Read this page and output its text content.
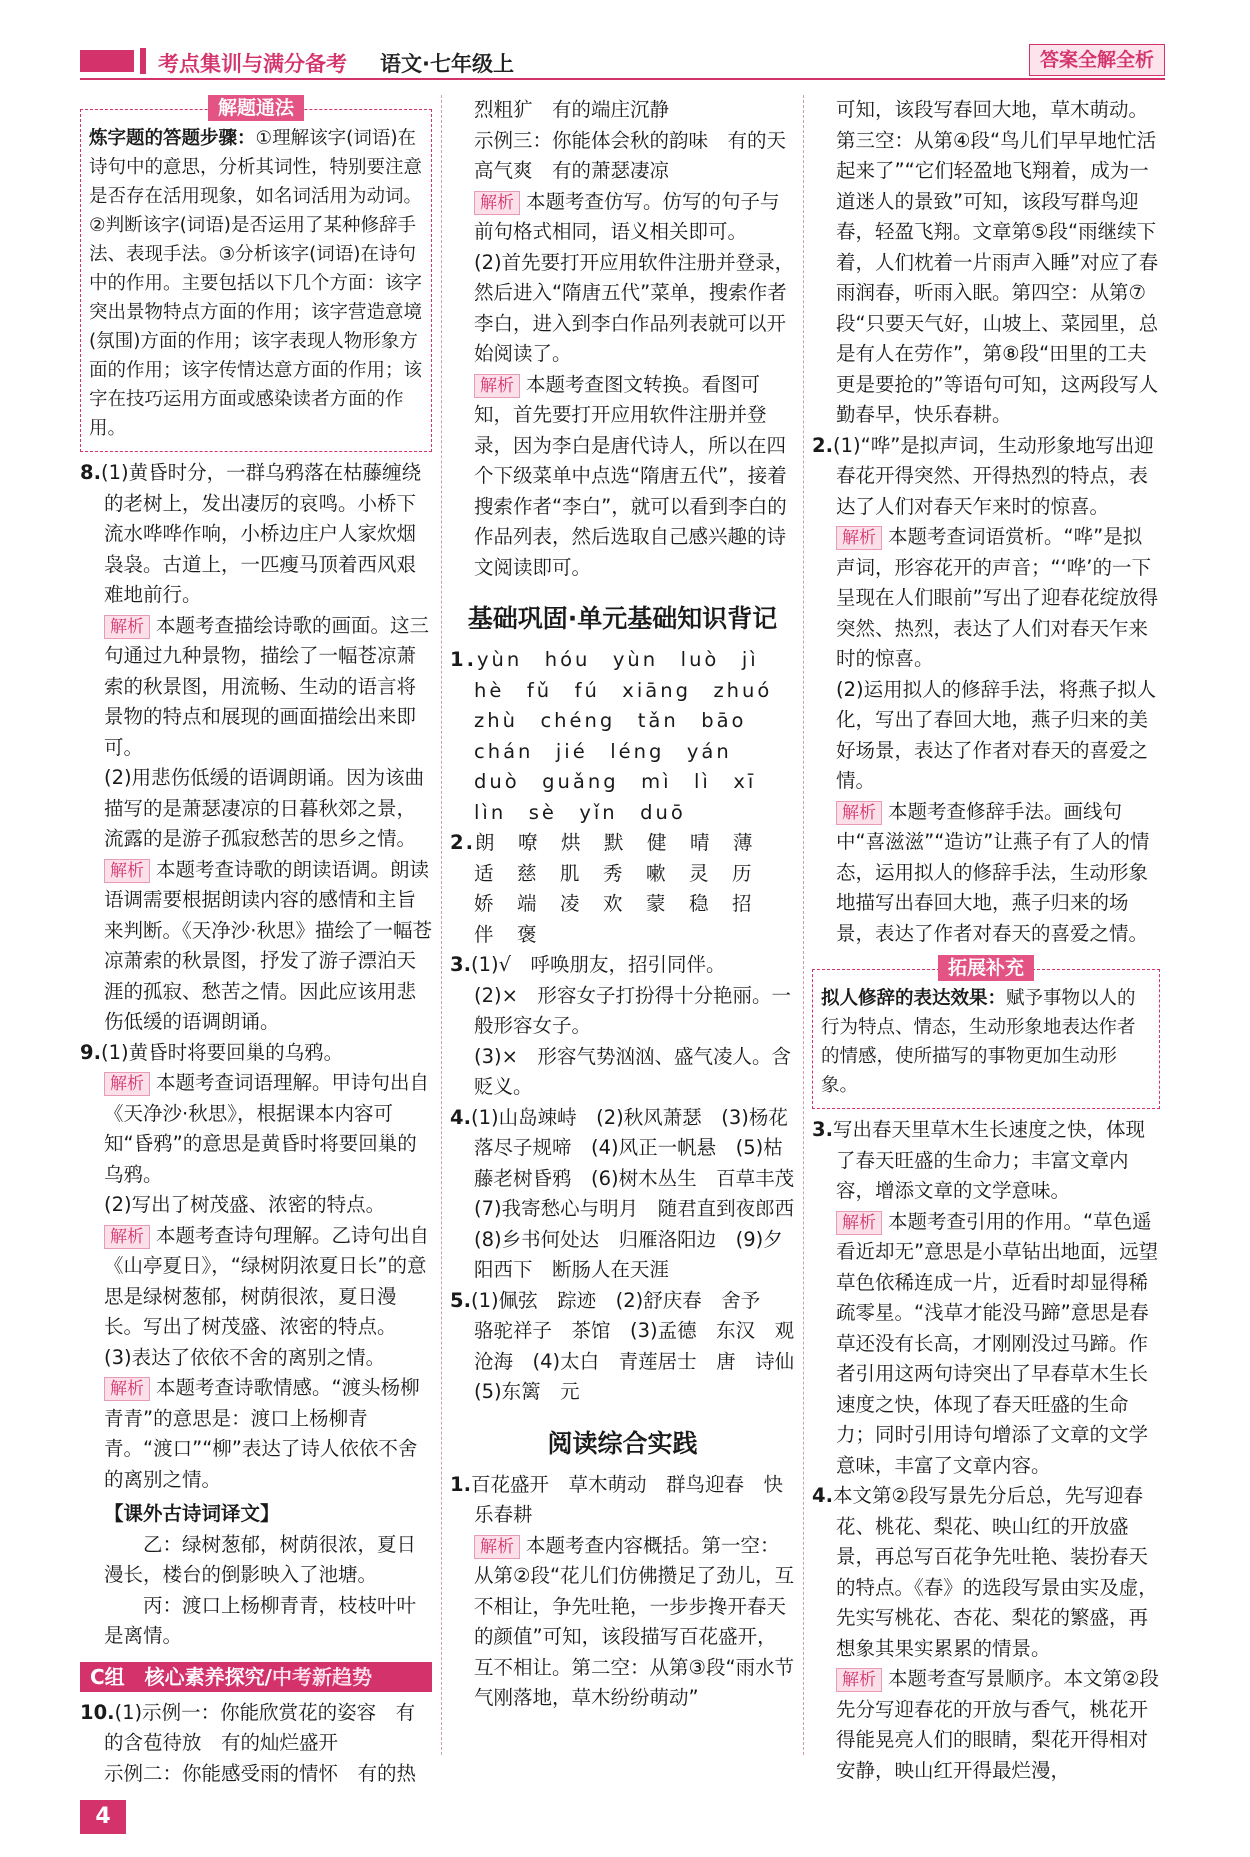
考点集训与满分备考 语文·七年级上	答案全解全析
解题通法

炼字题的答题步骤：①理解该字(词语)在诗句中的意思，分析其词性，特别要注意是否存在活用现象，如名词活用为动词。②判断该字(词语)是否运用了某种修辞手法、表现手法。③分析该字(词语)在诗句中的作用。主要包括以下几个方面：该字突出景物特点方面的作用；该字营造意境(氛围)方面的作用；该字表现人物形象方面的作用；该字传情达意方面的作用；该字在技巧运用方面或感染读者方面的作用。

8.(1)黄昏时分，一群乌鸦落在枯藤缠绕的老树上，发出凄厉的哀鸣。小桥下流水哗哗作响，小桥边庄户人家炊烟袅袅。古道上，一匹瘦马顶着西风艰难地前行。

解析 本题考查描绘诗歌的画面。这三句通过九种景物，描绘了一幅苍凉萧索的秋景图，用流畅、生动的语言将景物的特点和展现的画面描绘出来即可。

(2)用悲伤低缓的语调朗诵。因为该曲描写的是萧瑟凄凉的日暮秋郊之景，流露的是游子孤寂愁苦的思乡之情。

解析 本题考查诗歌的朗读语调。朗读语调需要根据朗读内容的感情和主旨来判断。《天净沙·秋思》描绘了一幅苍凉萧索的秋景图，抒发了游子漂泊天涯的孤寂、愁苦之情。因此应该用悲伤低缓的语调朗诵。

9.(1)黄昏时将要回巢的乌鸦。

解析 本题考查词语理解。甲诗句出自《天净沙·秋思》，根据课本内容可知“昏鸦”的意思是黄昏时将要回巢的乌鸦。

(2)写出了树茂盛、浓密的特点。

解析 本题考查诗句理解。乙诗句出自《山亭夏日》，“绿树阴浓夏日长”的意思是绿树葱郁，树荫很浓，夏日漫长。写出了树茂盛、浓密的特点。

(3)表达了依依不舍的离别之情。

解析 本题考查诗歌情感。“渡头杨柳青青”的意思是：渡口上杨柳青青。“渡口”“柳”表达了诗人依依不舍的离别之情。

【课外古诗词译文】

乙：绿树葱郁，树荫很浓，夏日漫长，楼台的倒影映入了池塘。

丙：渡口上杨柳青青，枝枝叶叶是离情。

C组　核心素养探究/中考新趋势

10.(1)示例一：你能欣赏花的姿容　有的含苞待放　有的灿烂盛开

示例二：你能感受雨的情怀　有的热

烈粗犷　有的端庄沉静

示例三：你能体会秋的韵味　有的天高气爽　有的萧瑟凄凉

解析 本题考查仿写。仿写的句子与前句格式相同，语义相关即可。

(2)首先要打开应用软件注册并登录，然后进入“隋唐五代”菜单，搜索作者李白，进入到李白作品列表就可以开始阅读了。

解析 本题考查图文转换。看图可知，首先要打开应用软件注册并登录，因为李白是唐代诗人，所以在四个下级菜单中点选“隋唐五代”，接着搜索作者“李白”，就可以看到李白的作品列表，然后选取自己感兴趣的诗文阅读即可。

基础巩固·单元基础知识背记

1.yùn　hóu　yùn　luò　jì　hè　fǔ　fú　xiāng　zhuó　zhù　chéng　tǎn　bāo　chán　jié　léng　yán　duò　guǎng　mì　lì　xī　lìn　sè　yǐn　duō

2.朗　嘹　烘　默　健　晴　薄　适　慈　肌　秀　嗽　灵　历　娇　端　凌　欢　蒙　稳　招　伴　褒

3.(1)√　呼唤朋友，招引同伴。

(2)×　形容女子打扮得十分艳丽。一般形容女子。

(3)×　形容气势汹汹、盛气凌人。含贬义。

4.(1)山岛竦峙　(2)秋风萧瑟　(3)杨花落尽子规啼　(4)风正一帆悬　(5)枯藤老树昏鸦　(6)树木丛生　百草丰茂　(7)我寄愁心与明月　随君直到夜郎西　(8)乡书何处达　归雁洛阳边　(9)夕阳西下　断肠人在天涯

5.(1)佩弦　踪迹　(2)舒庆春　舍予　骆驼祥子　茶馆　(3)孟德　东汉　观沧海　(4)太白　青莲居士　唐　诗仙　(5)东篱　元

阅读综合实践

1.百花盛开　草木萌动　群鸟迎春　快乐春耕

解析 本题考查内容概括。第一空：从第②段“花儿们仿佛攒足了劲儿，互不相让，争先吐艳，一步步搀开春天的颜值”可知，该段描写百花盛开，互不相让。第二空：从第③段“雨水节气刚落地，草木纷纷萌动”

可知，该段写春回大地，草木萌动。第三空：从第④段“鸟儿们早早地忙活起来了”“它们轻盈地飞翔着，成为一道迷人的景致”可知，该段写群鸟迎春，轻盈飞翔。文章第⑤段“雨继续下着，人们枕着一片雨声入睡”对应了春雨润春，听雨入眠。第四空：从第⑦段“只要天气好，山坡上、菜园里，总是有人在劳作”，第⑧段“田里的工夫更是要抢的”等语句可知，这两段写人勤春早，快乐春耕。

2.(1)“哗”是拟声词，生动形象地写出迎春花开得突然、开得热烈的特点，表达了人们对春天乍来时的惊喜。

解析 本题考查词语赏析。“哗”是拟声词，形容花开的声音；“‘哗’的一下呈现在人们眼前”写出了迎春花绽放得突然、热烈，表达了人们对春天乍来时的惊喜。

(2)运用拟人的修辞手法，将燕子拟人化，写出了春回大地，燕子归来的美好场景，表达了作者对春天的喜爱之情。

解析 本题考查修辞手法。画线句中“喜滋滋”“造访”让燕子有了人的情态，运用拟人的修辞手法，生动形象地描写出春回大地，燕子归来的场景，表达了作者对春天的喜爱之情。

拓展补充

拟人修辞的表达效果：赋予事物以人的行为特点、情态，生动形象地表达作者的情感，使所描写的事物更加生动形象。

3.写出春天里草木生长速度之快，体现了春天旺盛的生命力；丰富文章内容，增添文章的文学意味。

解析 本题考查引用的作用。“草色遥看近却无”意思是小草钻出地面，远望草色依稀连成一片，近看时却显得稀疏零星。“浅草才能没马蹄”意思是春草还没有长高，才刚刚没过马蹄。作者引用这两句诗突出了早春草木生长速度之快，体现了春天旺盛的生命力；同时引用诗句增添了文章的文学意味，丰富了文章内容。

4.本文第②段写景先分后总，先写迎春花、桃花、梨花、映山红的开放盛景，再总写百花争先吐艳、装扮春天的特点。《春》的选段写景由实及虚，先实写桃花、杏花、梨花的繁盛，再想象其果实累累的情景。

解析 本题考查写景顺序。本文第②段先分写迎春花的开放与香气，桃花开得能晃亮人们的眼睛，梨花开得相对安静，映山红开得最烂漫，

4
